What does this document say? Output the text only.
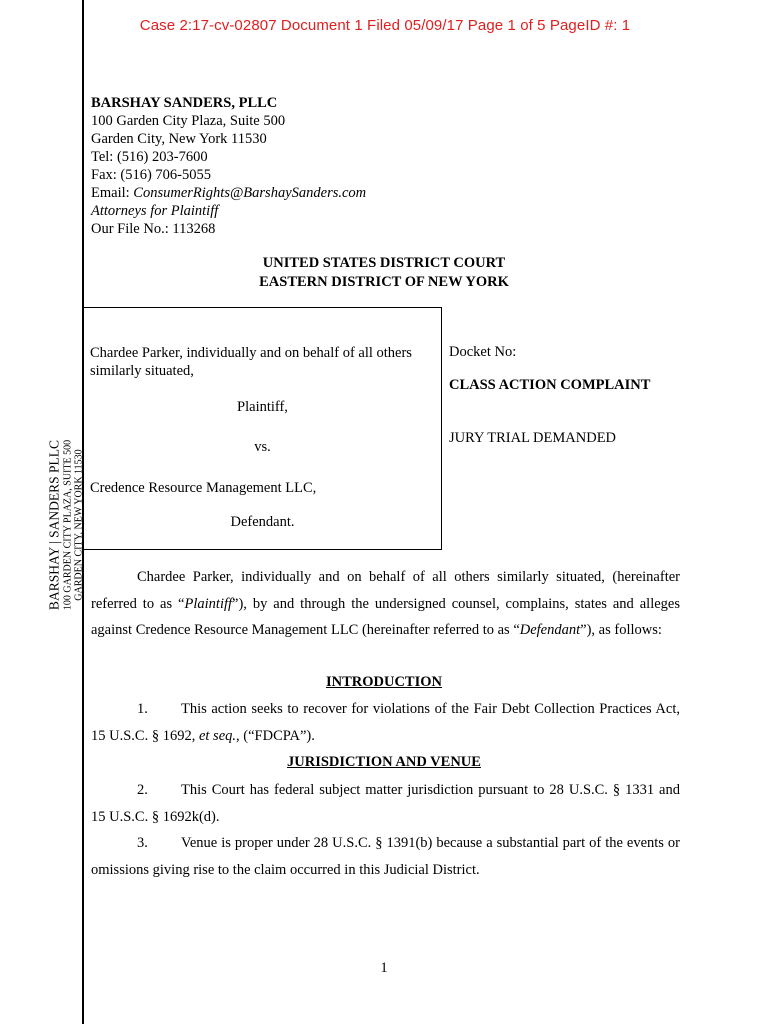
Case 2:17-cv-02807 Document 1 Filed 05/09/17 Page 1 of 5 PageID #: 1
BARSHAY | SANDERS PLLC 100 GARDEN CITY PLAZA, SUITE 500 GARDEN CITY, NEW YORK 11530
BARSHAY SANDERS, PLLC
100 Garden City Plaza, Suite 500
Garden City, New York 11530
Tel: (516) 203-7600
Fax: (516) 706-5055
Email: ConsumerRights@BarshaySanders.com
Attorneys for Plaintiff
Our File No.: 113268
UNITED STATES DISTRICT COURT
EASTERN DISTRICT OF NEW YORK
Chardee Parker, individually and on behalf of all others similarly situated,
Plaintiff,
vs.
Credence Resource Management LLC,
Defendant.
Docket No:
CLASS ACTION COMPLAINT
JURY TRIAL DEMANDED
Chardee Parker, individually and on behalf of all others similarly situated, (hereinafter referred to as “Plaintiff”), by and through the undersigned counsel, complains, states and alleges against Credence Resource Management LLC (hereinafter referred to as “Defendant”), as follows:
INTRODUCTION
1. This action seeks to recover for violations of the Fair Debt Collection Practices Act, 15 U.S.C. § 1692, et seq., (“FDCPA”).
JURISDICTION AND VENUE
2. This Court has federal subject matter jurisdiction pursuant to 28 U.S.C. § 1331 and 15 U.S.C. § 1692k(d).
3. Venue is proper under 28 U.S.C. § 1391(b) because a substantial part of the events or omissions giving rise to the claim occurred in this Judicial District.
1
